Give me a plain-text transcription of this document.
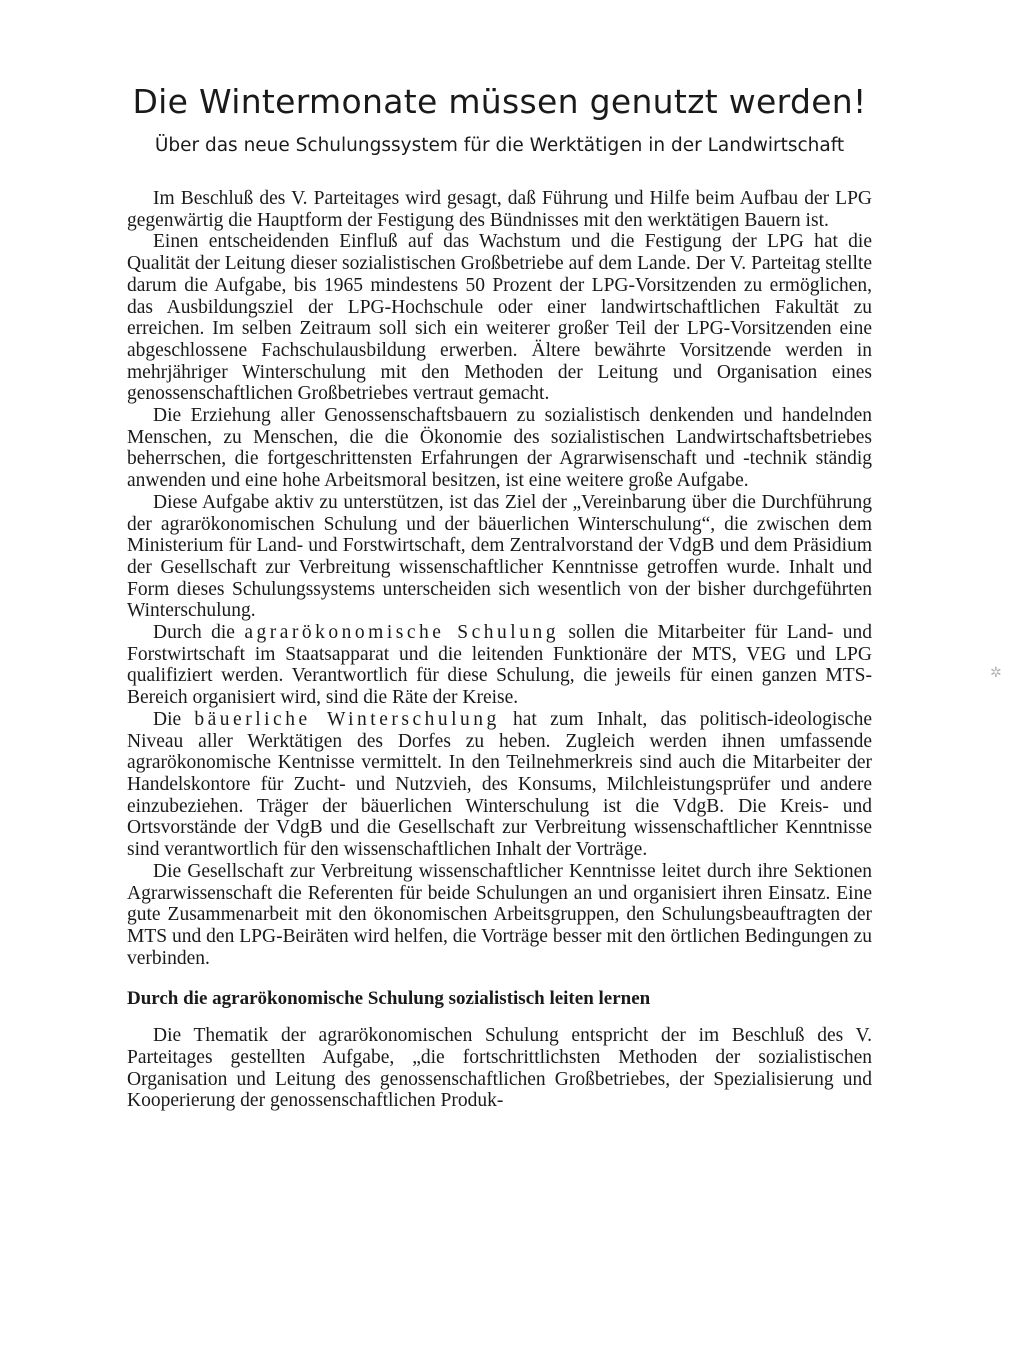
Die Wintermonate müssen genutzt werden!
Über das neue Schulungssystem für die Werktätigen in der Landwirtschaft

Im Beschluß des V. Parteitages wird gesagt, daß Führung und Hilfe beim Aufbau der LPG gegenwärtig die Hauptform der Festigung des Bündnisses mit den werktätigen Bauern ist.

Einen entscheidenden Einfluß auf das Wachstum und die Festigung der LPG hat die Qualität der Leitung dieser sozialistischen Großbetriebe auf dem Lande. Der V. Parteitag stellte darum die Aufgabe, bis 1965 mindestens 50 Prozent der LPG-Vorsitzenden zu ermöglichen, das Ausbildungsziel der LPG-Hochschule oder einer landwirtschaftlichen Fakultät zu erreichen. Im selben Zeitraum soll sich ein weiterer großer Teil der LPG-Vorsitzenden eine abgeschlossene Fachschulausbildung erwerben. Ältere bewährte Vorsitzende werden in mehrjähriger Winterschulung mit den Methoden der Leitung und Organisation eines genossenschaftlichen Großbetriebes vertraut gemacht.

Die Erziehung aller Genossenschaftsbauern zu sozialistisch denkenden und handelnden Menschen, zu Menschen, die die Ökonomie des sozialistischen Landwirtschaftsbetriebes beherrschen, die fortgeschrittensten Erfahrungen der Agrarwisenschaft und -technik ständig anwenden und eine hohe Arbeitsmoral besitzen, ist eine weitere große Aufgabe.

Diese Aufgabe aktiv zu unterstützen, ist das Ziel der „Vereinbarung über die Durchführung der agrarökonomischen Schulung und der bäuerlichen Winterschulung“, die zwischen dem Ministerium für Land- und Forstwirtschaft, dem Zentralvorstand der VdgB und dem Präsidium der Gesellschaft zur Verbreitung wissenschaftlicher Kenntnisse getroffen wurde. Inhalt und Form dieses Schulungssystems unterscheiden sich wesentlich von der bisher durchgeführten Winterschulung.

Durch die agrarökonomische Schulung sollen die Mitarbeiter für Land- und Forstwirtschaft im Staatsapparat und die leitenden Funktionäre der MTS, VEG und LPG qualifiziert werden. Verantwortlich für diese Schulung, die jeweils für einen ganzen MTS-Bereich organisiert wird, sind die Räte der Kreise.

Die bäuerliche Winterschulung hat zum Inhalt, das politisch-ideologische Niveau aller Werktätigen des Dorfes zu heben. Zugleich werden ihnen umfassende agrarökonomische Kentnisse vermittelt. In den Teilnehmerkreis sind auch die Mitarbeiter der Handelskontore für Zucht- und Nutzvieh, des Konsums, Milchleistungsprüfer und andere einzubeziehen. Träger der bäuerlichen Winterschulung ist die VdgB. Die Kreis- und Ortsvorstände der VdgB und die Gesellschaft zur Verbreitung wissenschaftlicher Kenntnisse sind verantwortlich für den wissenschaftlichen Inhalt der Vorträge.

Die Gesellschaft zur Verbreitung wissenschaftlicher Kenntnisse leitet durch ihre Sektionen Agrarwissenschaft die Referenten für beide Schulungen an und organisiert ihren Einsatz. Eine gute Zusammenarbeit mit den ökonomischen Arbeitsgruppen, den Schulungsbeauftragten der MTS und den LPG-Beiräten wird helfen, die Vorträge besser mit den örtlichen Bedingungen zu verbinden.

Durch die agrarökonomische Schulung sozialistisch leiten lernen

Die Thematik der agrarökonomischen Schulung entspricht der im Beschluß des V. Parteitages gestellten Aufgabe, „die fortschrittlichsten Methoden der sozialistischen Organisation und Leitung des genossenschaftlichen Großbetriebes, der Spezialisierung und Kooperierung der genossenschaftlichen Produk-

✲
